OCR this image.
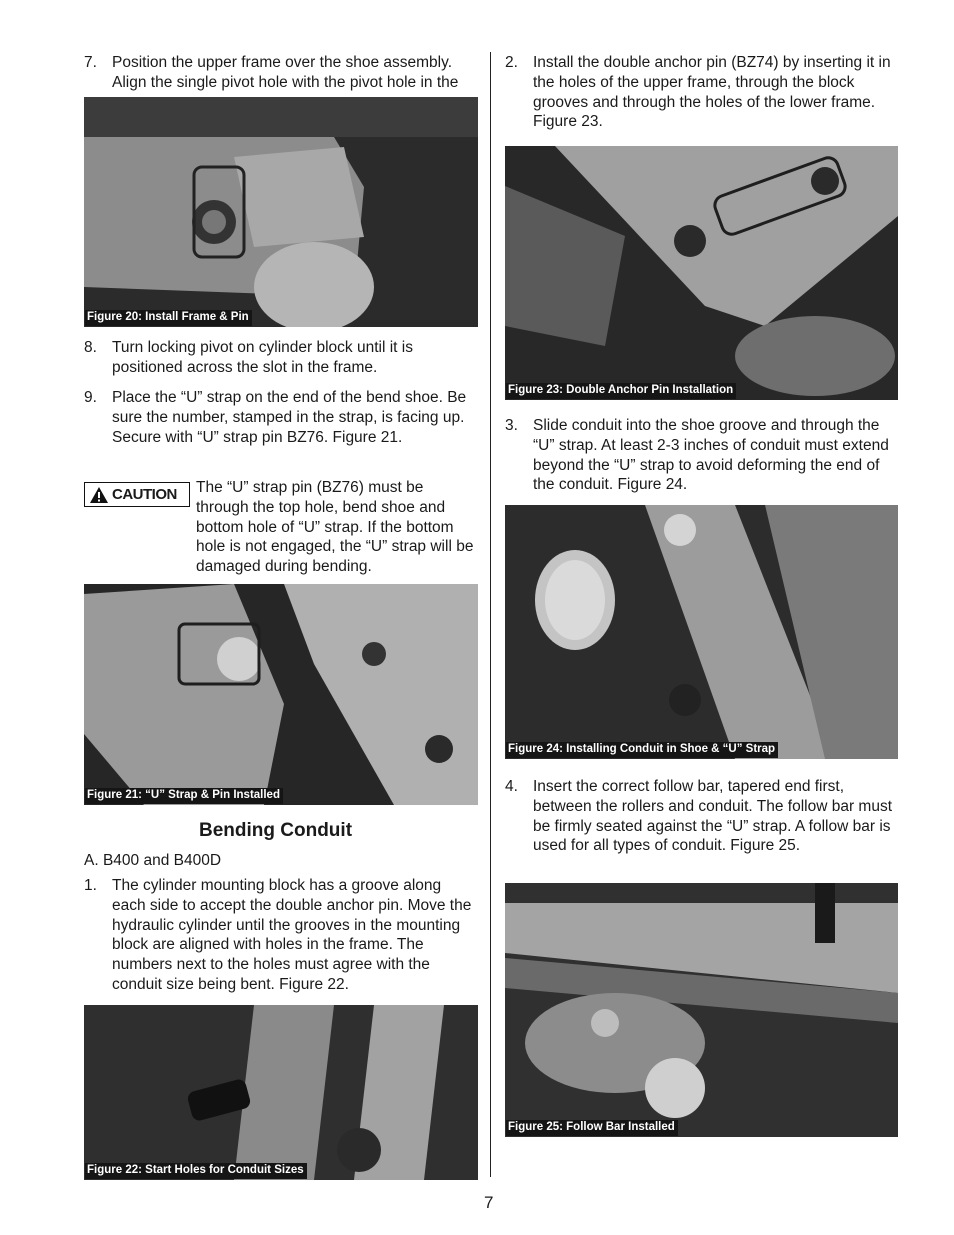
7. Position the upper frame over the shoe assembly. Align the single pivot hole with the pivot hole in the
Figure 20: Install Frame & Pin
8. Turn locking pivot on cylinder block until it is positioned across the slot in the frame.
9. Place the “U” strap on the end of the bend shoe. Be sure the number, stamped in the strap, is facing up. Secure with “U” strap pin BZ76. Figure 21.
CAUTION The “U” strap pin (BZ76) must be through the top hole, bend shoe and bottom hole of “U” strap. If the bottom hole is not engaged, the “U” strap will be damaged during bending.
Figure 21: “U” Strap & Pin Installed
Bending Conduit
A. B400 and B400D
1. The cylinder mounting block has a groove along each side to accept the double anchor pin. Move the hydraulic cylinder until the grooves in the mounting block are aligned with holes in the frame. The numbers next to the holes must agree with the conduit size being bent. Figure 22.
Figure 22: Start Holes for Conduit Sizes
2. Install the double anchor pin (BZ74) by inserting it in the holes of the upper frame, through the block grooves and through the holes of the lower frame. Figure 23.
Figure 23: Double Anchor Pin Installation
3. Slide conduit into the shoe groove and through the “U” strap. At least 2-3 inches of conduit must extend beyond the “U” strap to avoid deforming the end of the conduit. Figure 24.
Figure 24: Installing Conduit in Shoe & “U” Strap
4. Insert the correct follow bar, tapered end first, between the rollers and conduit. The follow bar must be firmly seated against the “U” strap. A follow bar is used for all types of conduit. Figure 25.
Figure 25: Follow Bar Installed
7
